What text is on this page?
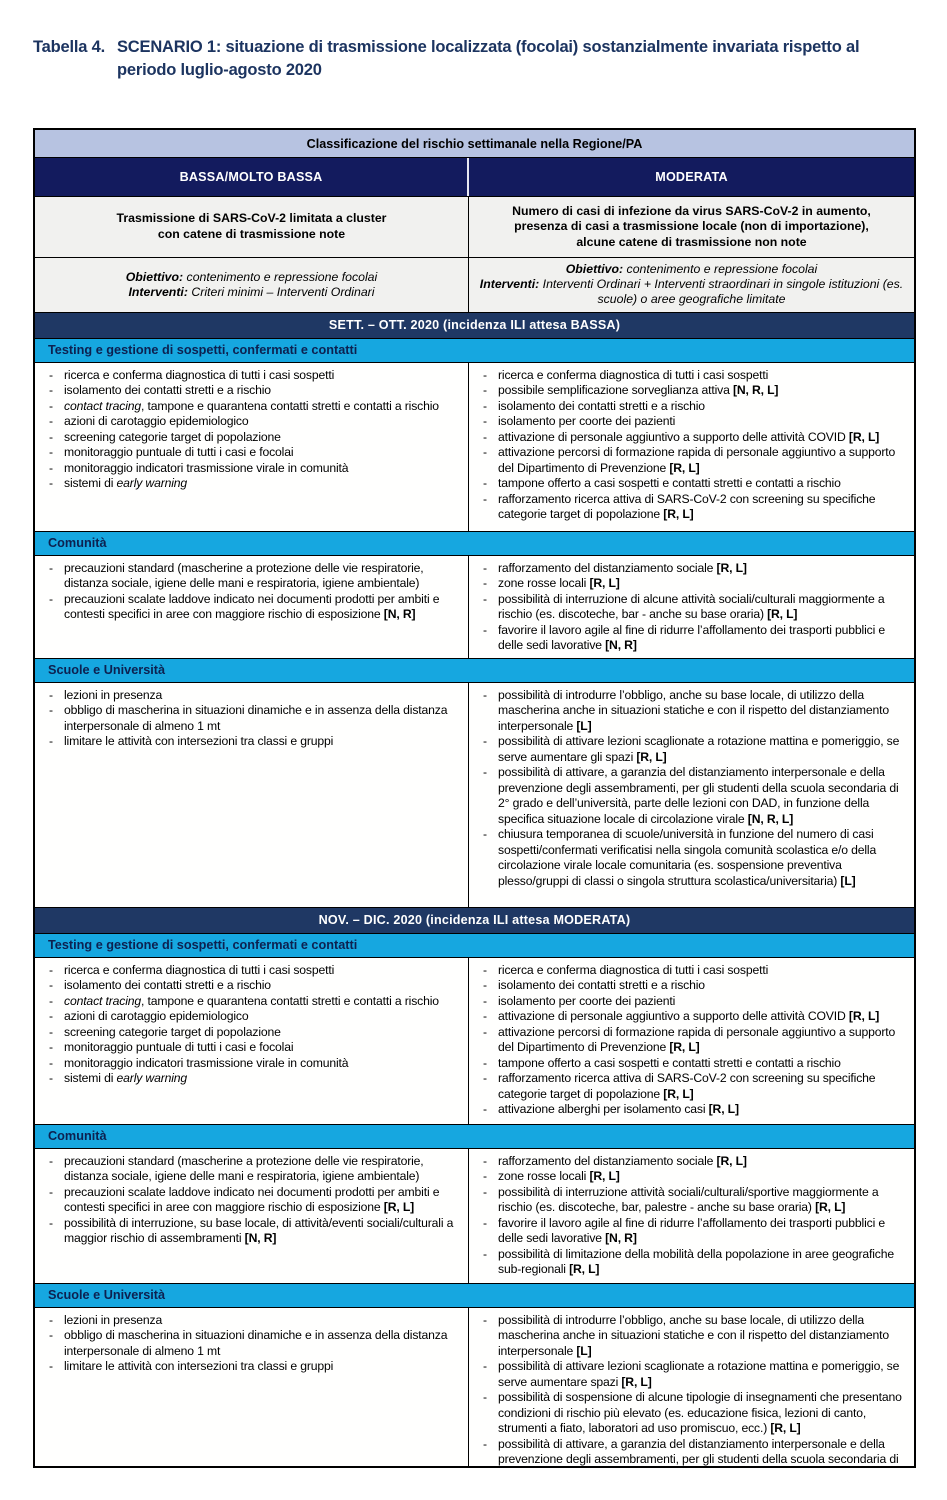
Tabella 4. SCENARIO 1: situazione di trasmissione localizzata (focolai) sostanzialmente invariata rispetto al periodo luglio-agosto 2020
Classificazione del rischio settimanale nella Regione/PA
BASSA/MOLTO BASSA	MODERATA
Trasmissione di SARS-CoV-2 limitata a cluster
con catene di trasmissione note
Numero di casi di infezione da virus SARS-CoV-2 in aumento,
presenza di casi a trasmissione locale (non di importazione),
alcune catene di trasmissione non note
Obiettivo: contenimento e repressione focolai
Interventi: Criteri minimi – Interventi Ordinari
Obiettivo: contenimento e repressione focolai
Interventi: Interventi Ordinari + Interventi straordinari in singole istituzioni (es. scuole) o aree geografiche limitate
SETT. – OTT. 2020 (incidenza ILI attesa BASSA)
Testing e gestione di sospetti, confermati e contatti
- ricerca e conferma diagnostica di tutti i casi sospetti
- isolamento dei contatti stretti e a rischio
- contact tracing, tampone e quarantena contatti stretti e contatti a rischio
- azioni di carotaggio epidemiologico
- screening categorie target di popolazione
- monitoraggio puntuale di tutti i casi e focolai
- monitoraggio indicatori trasmissione virale in comunità
- sistemi di early warning
- ricerca e conferma diagnostica di tutti i casi sospetti
- possibile semplificazione sorveglianza attiva [N, R, L]
- isolamento dei contatti stretti e a rischio
- isolamento per coorte dei pazienti
- attivazione di personale aggiuntivo a supporto delle attività COVID [R, L]
- attivazione percorsi di formazione rapida di personale aggiuntivo a supporto del Dipartimento di Prevenzione [R, L]
- tampone offerto a casi sospetti e contatti stretti e contatti a rischio
- rafforzamento ricerca attiva di SARS-CoV-2 con screening su specifiche categorie target di popolazione [R, L]
Comunità
- precauzioni standard (mascherine a protezione delle vie respiratorie, distanza sociale, igiene delle mani e respiratoria, igiene ambientale)
- precauzioni scalate laddove indicato nei documenti prodotti per ambiti e contesti specifici in aree con maggiore rischio di esposizione [N, R]
- rafforzamento del distanziamento sociale [R, L]
- zone rosse locali [R, L]
- possibilità di interruzione di alcune attività sociali/culturali maggiormente a rischio (es. discoteche, bar - anche su base oraria) [R, L]
- favorire il lavoro agile al fine di ridurre l’affollamento dei trasporti pubblici e delle sedi lavorative [N, R]
Scuole e Università
- lezioni in presenza
- obbligo di mascherina in situazioni dinamiche e in assenza della distanza interpersonale di almeno 1 mt
- limitare le attività con intersezioni tra classi e gruppi
- possibilità di introdurre l’obbligo, anche su base locale, di utilizzo della mascherina anche in situazioni statiche e con il rispetto del distanziamento interpersonale [L]
- possibilità di attivare lezioni scaglionate a rotazione mattina e pomeriggio, se serve aumentare gli spazi [R, L]
- possibilità di attivare, a garanzia del distanziamento interpersonale e della prevenzione degli assembramenti, per gli studenti della scuola secondaria di 2° grado e dell’università, parte delle lezioni con DAD, in funzione della specifica situazione locale di circolazione virale [N, R, L]
- chiusura temporanea di scuole/università in funzione del numero di casi sospetti/confermati verificatisi nella singola comunità scolastica e/o della circolazione virale locale comunitaria (es. sospensione preventiva plesso/gruppi di classi o singola struttura scolastica/universitaria) [L]
NOV. – DIC. 2020 (incidenza ILI attesa MODERATA)
Testing e gestione di sospetti, confermati e contatti
- ricerca e conferma diagnostica di tutti i casi sospetti
- isolamento dei contatti stretti e a rischio
- contact tracing, tampone e quarantena contatti stretti e contatti a rischio
- azioni di carotaggio epidemiologico
- screening categorie target di popolazione
- monitoraggio puntuale di tutti i casi e focolai
- monitoraggio indicatori trasmissione virale in comunità
- sistemi di early warning
- ricerca e conferma diagnostica di tutti i casi sospetti
- isolamento dei contatti stretti e a rischio
- isolamento per coorte dei pazienti
- attivazione di personale aggiuntivo a supporto delle attività COVID [R, L]
- attivazione percorsi di formazione rapida di personale aggiuntivo a supporto del Dipartimento di Prevenzione [R, L]
- tampone offerto a casi sospetti e contatti stretti e contatti a rischio
- rafforzamento ricerca attiva di SARS-CoV-2 con screening su specifiche categorie target di popolazione [R, L]
- attivazione alberghi per isolamento casi [R, L]
Comunità
- precauzioni standard (mascherine a protezione delle vie respiratorie, distanza sociale, igiene delle mani e respiratoria, igiene ambientale)
- precauzioni scalate laddove indicato nei documenti prodotti per ambiti e contesti specifici in aree con maggiore rischio di esposizione [R, L]
- possibilità di interruzione, su base locale, di attività/eventi sociali/culturali a maggior rischio di assembramenti [N, R]
- rafforzamento del distanziamento sociale [R, L]
- zone rosse locali [R, L]
- possibilità di interruzione attività sociali/culturali/sportive maggiormente a rischio (es. discoteche, bar, palestre - anche su base oraria) [R, L]
- favorire il lavoro agile al fine di ridurre l’affollamento dei trasporti pubblici e delle sedi lavorative [N, R]
- possibilità di limitazione della mobilità della popolazione in aree geografiche sub-regionali [R, L]
Scuole e Università
- lezioni in presenza
- obbligo di mascherina in situazioni dinamiche e in assenza della distanza interpersonale di almeno 1 mt
- limitare le attività con intersezioni tra classi e gruppi
- possibilità di introdurre l’obbligo, anche su base locale, di utilizzo della mascherina anche in situazioni statiche e con il rispetto del distanziamento interpersonale [L]
- possibilità di attivare lezioni scaglionate a rotazione mattina e pomeriggio, se serve aumentare spazi [R, L]
- possibilità di sospensione di alcune tipologie di insegnamenti che presentano condizioni di rischio più elevato (es. educazione fisica, lezioni di canto, strumenti a fiato, laboratori ad uso promiscuo, ecc.) [R, L]
- possibilità di attivare, a garanzia del distanziamento interpersonale e della prevenzione degli assembramenti, per gli studenti della scuola secondaria di
